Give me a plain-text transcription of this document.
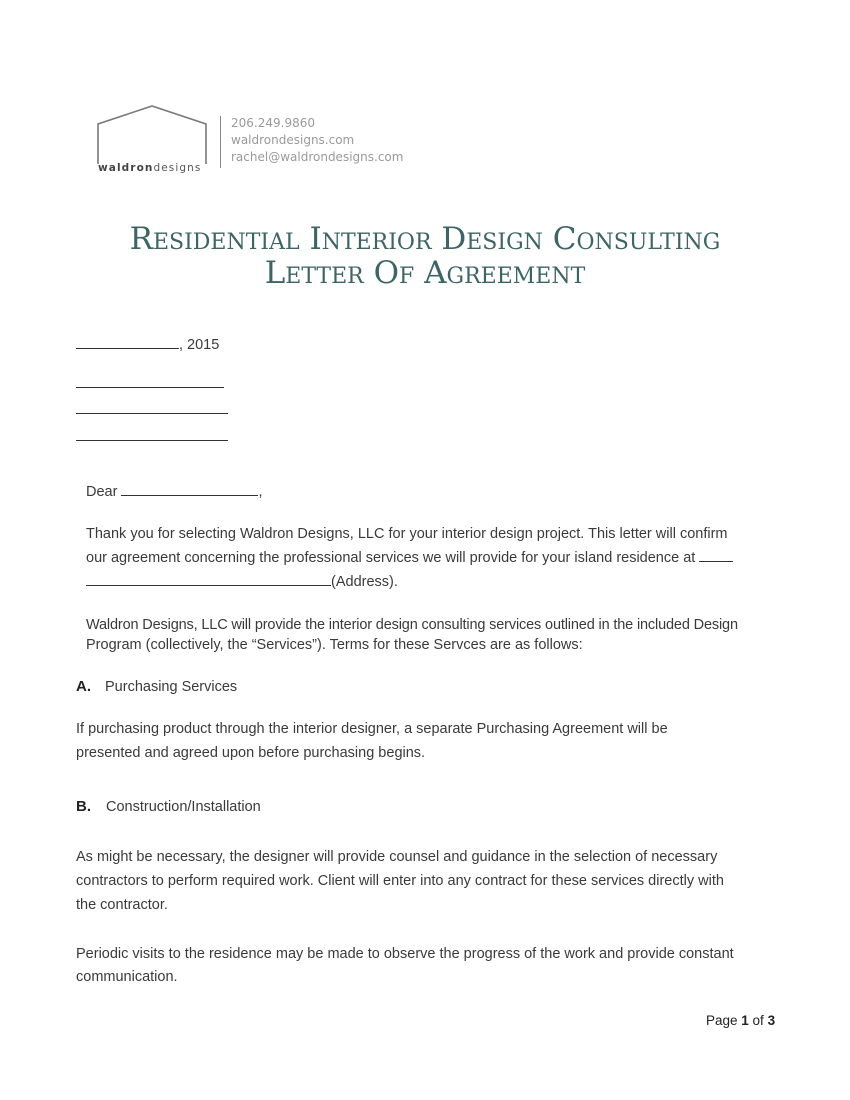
waldrondesigns
206.249.9860
waldrondesigns.com
rachel@waldrondesigns.com
Residential Interior Design Consulting
Letter Of Agreement
, 2015
Dear	,
Thank you for selecting Waldron Designs, LLC for your interior design project. This letter will confirm
our agreement concerning the professional services we will provide for your island residence at
(Address).
Waldron Designs, LLC will provide the interior design consulting services outlined in the included Design
Program (collectively, the “Services”). Terms for these Servces are as follows:
A. Purchasing Services
If purchasing product through the interior designer, a separate Purchasing Agreement will be
presented and agreed upon before purchasing begins.
B. Construction/Installation
As might be necessary, the designer will provide counsel and guidance in the selection of necessary
contractors to perform required work. Client will enter into any contract for these services directly with
the contractor.
Periodic visits to the residence may be made to observe the progress of the work and provide constant
communication.
Page 1 of 3
